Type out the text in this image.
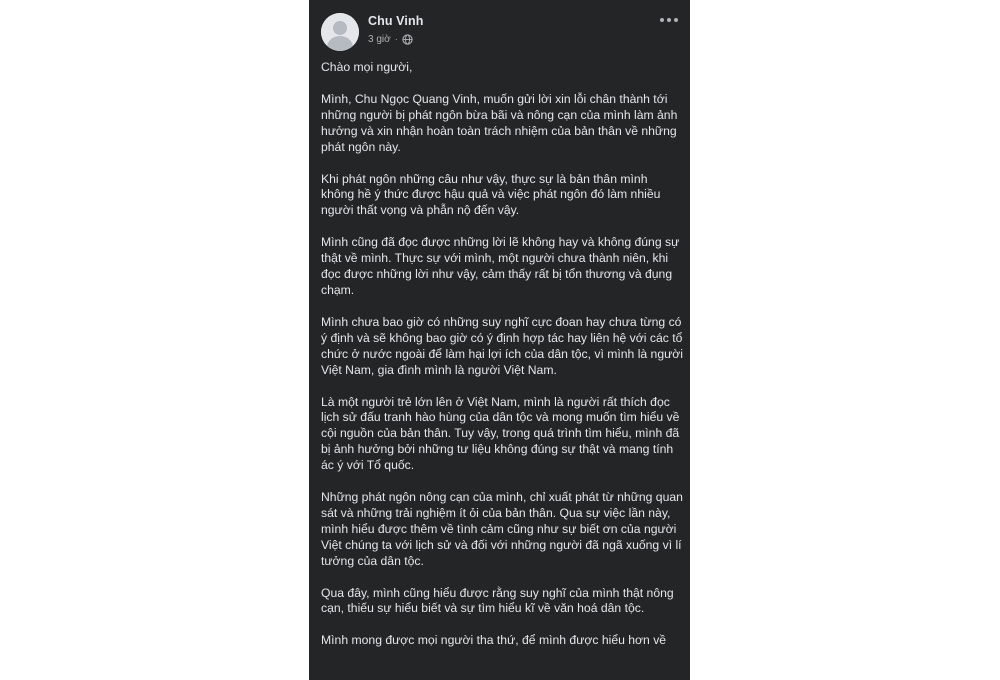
Chu Vinh
3 giờ ·

Chào mọi người,

Mình, Chu Ngọc Quang Vinh, muốn gửi lời xin lỗi chân thành tới những người bị phát ngôn bừa bãi và nông cạn của mình làm ảnh hưởng và xin nhận hoàn toàn trách nhiệm của bản thân về những phát ngôn này.

Khi phát ngôn những câu như vậy, thực sự là bản thân mình không hề ý thức được hậu quả và việc phát ngôn đó làm nhiều người thất vọng và phẫn nộ đến vậy.

Mình cũng đã đọc được những lời lẽ không hay và không đúng sự thật về mình. Thực sự với mình, một người chưa thành niên, khi đọc được những lời như vậy, cảm thấy rất bị tổn thương và đụng chạm.

Mình chưa bao giờ có những suy nghĩ cực đoan hay chưa từng có ý định và sẽ không bao giờ có ý định hợp tác hay liên hệ với các tổ chức ở nước ngoài để làm hại lợi ích của dân tộc, vì mình là người Việt Nam, gia đình mình là người Việt Nam.

Là một người trẻ lớn lên ở Việt Nam, mình là người rất thích đọc lịch sử đấu tranh hào hùng của dân tộc và mong muốn tìm hiểu về cội nguồn của bản thân. Tuy vậy, trong quá trình tìm hiểu, mình đã bị ảnh hưởng bởi những tư liệu không đúng sự thật và mang tính ác ý với Tổ quốc.

Những phát ngôn nông cạn của mình, chỉ xuất phát từ những quan sát và những trải nghiệm ít ỏi của bản thân. Qua sự việc lần này, mình hiểu được thêm về tình cảm cũng như sự biết ơn của người Việt chúng ta với lịch sử và đối với những người đã ngã xuống vì lí tưởng của dân tộc.

Qua đây, mình cũng hiểu được rằng suy nghĩ của mình thật nông cạn, thiếu sự hiểu biết và sự tìm hiểu kĩ về văn hoá dân tộc.

Mình mong được mọi người tha thứ, để mình được hiểu hơn về
